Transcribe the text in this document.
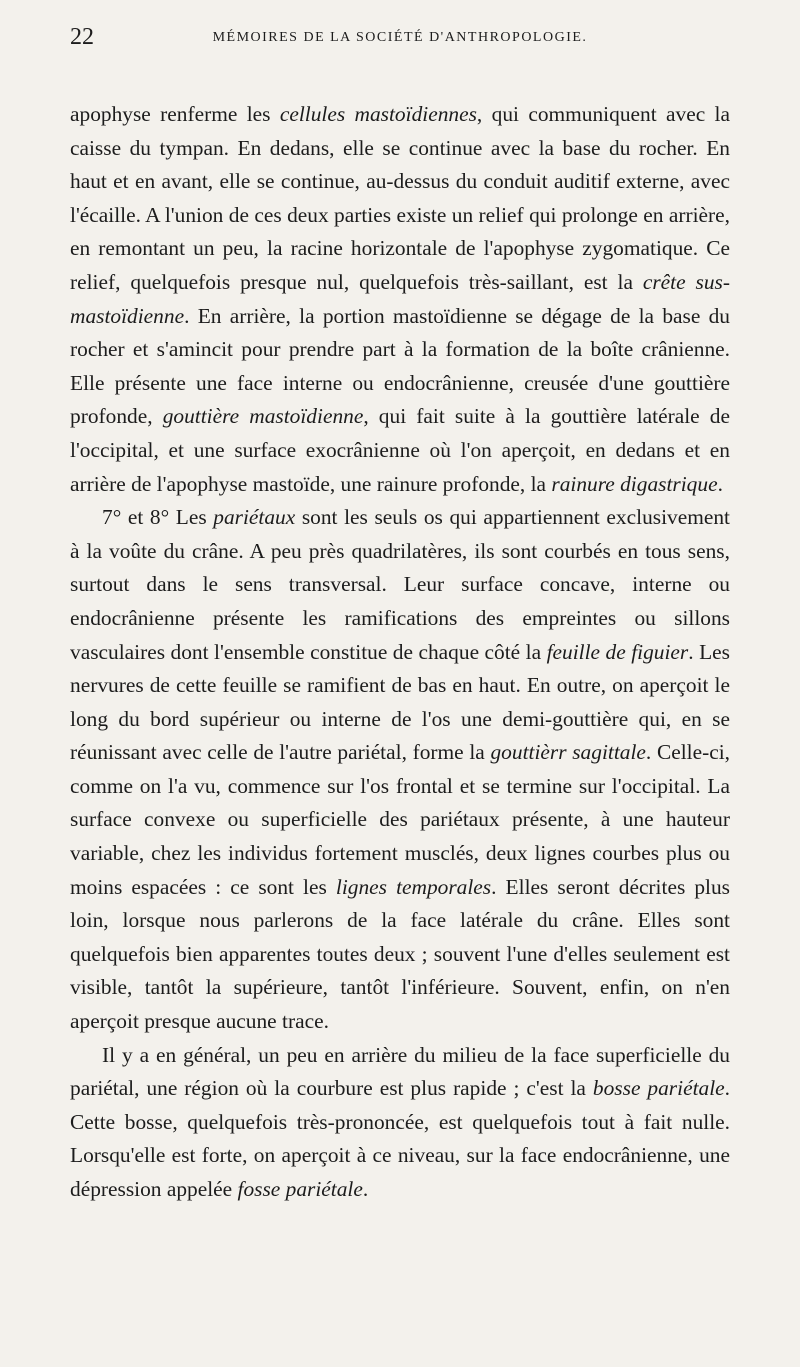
22	MÉMOIRES DE LA SOCIÉTÉ D'ANTHROPOLOGIE.

apophyse renferme les cellules mastoïdiennes, qui communiquent avec la caisse du tympan. En dedans, elle se continue avec la base du rocher. En haut et en avant, elle se continue, au-dessus du conduit auditif externe, avec l'écaille. A l'union de ces deux parties existe un relief qui prolonge en arrière, en remontant un peu, la racine horizontale de l'apophyse zygomatique. Ce relief, quelquefois presque nul, quelquefois très-saillant, est la crête sus-mastoïdienne. En arrière, la portion mastoïdienne se dégage de la base du rocher et s'amincit pour prendre part à la formation de la boîte crânienne. Elle présente une face interne ou endocrânienne, creusée d'une gouttière profonde, gouttière mastoïdienne, qui fait suite à la gouttière latérale de l'occipital, et une surface exocrânienne où l'on aperçoit, en dedans et en arrière de l'apophyse mastoïde, une rainure profonde, la rainure digastrique.

7° et 8° Les pariétaux sont les seuls os qui appartiennent exclusivement à la voûte du crâne. A peu près quadrilatères, ils sont courbés en tous sens, surtout dans le sens transversal. Leur surface concave, interne ou endocrânienne présente les ramifications des empreintes ou sillons vasculaires dont l'ensemble constitue de chaque côté la feuille de figuier. Les nervures de cette feuille se ramifient de bas en haut. En outre, on aperçoit le long du bord supérieur ou interne de l'os une demi-gouttière qui, en se réunissant avec celle de l'autre pariétal, forme la gouttièrr sagittale. Celle-ci, comme on l'a vu, commence sur l'os frontal et se termine sur l'occipital. La surface convexe ou superficielle des pariétaux présente, à une hauteur variable, chez les individus fortement musclés, deux lignes courbes plus ou moins espacées : ce sont les lignes temporales. Elles seront décrites plus loin, lorsque nous parlerons de la face latérale du crâne. Elles sont quelquefois bien apparentes toutes deux ; souvent l'une d'elles seulement est visible, tantôt la supérieure, tantôt l'inférieure. Souvent, enfin, on n'en aperçoit presque aucune trace.

Il y a en général, un peu en arrière du milieu de la face superficielle du pariétal, une région où la courbure est plus rapide ; c'est la bosse pariétale. Cette bosse, quelquefois très-prononcée, est quelquefois tout à fait nulle. Lorsqu'elle est forte, on aperçoit à ce niveau, sur la face endocrânienne, une dépression appelée fosse pariétale.
